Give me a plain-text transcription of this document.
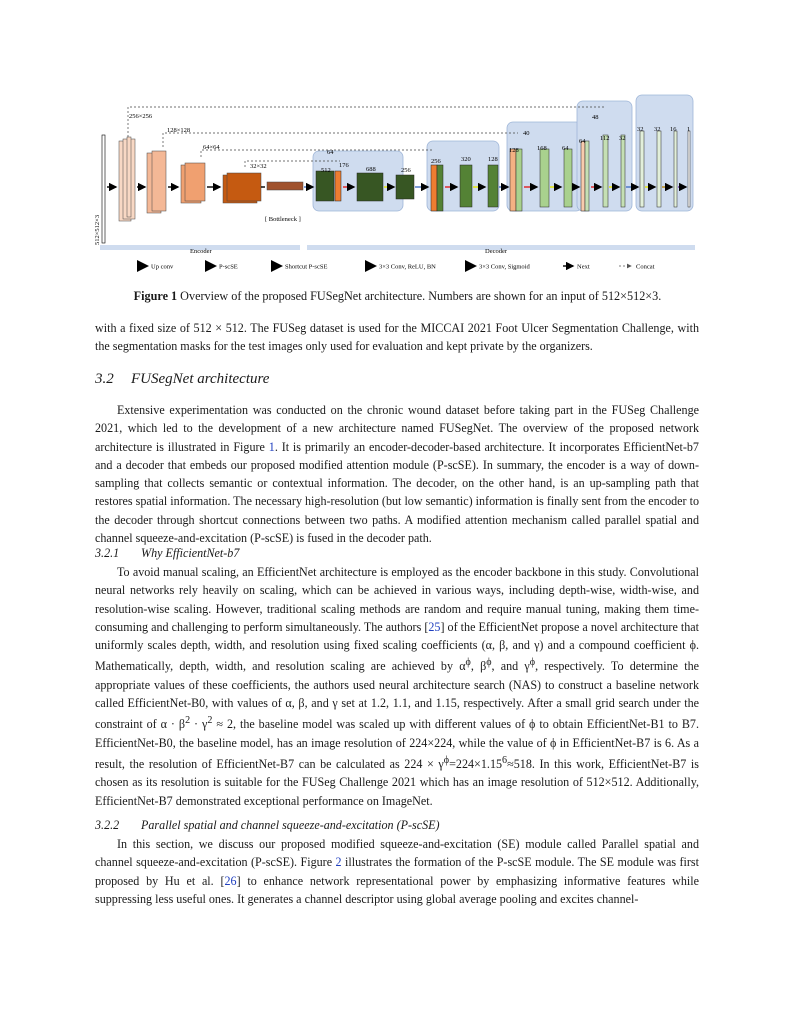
256×256
128×128
64×64
32×32
512×512×3	[ Bottleneck ]
48
40
64
176
512	688	256
256	320	128
128	168 64
64 112 32
32 32 16 1
Encoder	Decoder
Up conv	P-scSE	Shortcut P-scSE	3×3 Conv, ReLU, BN	3×3 Conv, Sigmoid	Next	Concat
Figure 1 Overview of the proposed FUSegNet architecture. Numbers are shown for an input of 512×512×3.

with a fixed size of 512 × 512. The FUSeg dataset is used for the MICCAI 2021 Foot Ulcer Segmentation Challenge, with the segmentation masks for the test images only used for evaluation and kept private by the organizers.

3.2 FUSegNet architecture

Extensive experimentation was conducted on the chronic wound dataset before taking part in the FUSeg Challenge 2021, which led to the development of a new architecture named FUSegNet. The overview of the proposed network architecture is illustrated in Figure 1. It is primarily an encoder-decoder-based architecture. It incorporates EfficientNet-b7 and a decoder that embeds our proposed modified attention module (P-scSE). In summary, the encoder is a way of down-sampling that collects semantic or contextual information. The decoder, on the other hand, is an up-sampling path that restores spatial information. The necessary high-resolution (but low semantic) information is finally sent from the encoder to the decoder through shortcut connections between two paths. A modified attention mechanism called parallel spatial and channel squeeze-and-excitation (P-scSE) is fused in the decoder path.

3.2.1 Why EfficientNet-b7

To avoid manual scaling, an EfficientNet architecture is employed as the encoder backbone in this study. Convolutional neural networks rely heavily on scaling, which can be achieved in various ways, including depth-wise, width-wise, and resolution-wise scaling. However, traditional scaling methods are random and require manual tuning, making them time-consuming and challenging to perform simultaneously. The authors [25] of the EfficientNet propose a novel architecture that uniformly scales depth, width, and resolution using fixed scaling coefficients (α, β, and γ) and a compound coefficient ϕ. Mathematically, depth, width, and resolution scaling are achieved by $\alpha^\phi$, $\beta^\phi$, and $\gamma^\phi$, respectively. To determine the appropriate values of these coefficients, the authors used neural architecture search (NAS) to construct a baseline network called EfficientNet-B0, with values of α, β, and γ set at 1.2, 1.1, and 1.15, respectively. After a small grid search under the constraint of $\alpha \cdot \beta^2 \cdot \gamma^2 \approx 2$, the baseline model was scaled up with different values of ϕ to obtain EfficientNet-B1 to B7. EfficientNet-B0, the baseline model, has an image resolution of 224×224, while the value of ϕ in EfficientNet-B7 is 6. As a result, the resolution of EfficientNet-B7 can be calculated as $224 \times \gamma^\phi=224\times 1.15^6\approx 518$. In this work, EfficientNet-B7 is chosen as its resolution is suitable for the FUSeg Challenge 2021 which has an image resolution of 512×512. Additionally, EfficientNet-B7 demonstrated exceptional performance on ImageNet.

3.2.2 Parallel spatial and channel squeeze-and-excitation (P-scSE)

In this section, we discuss our proposed modified squeeze-and-excitation (SE) module called Parallel spatial and channel squeeze-and-excitation (P-scSE). Figure 2 illustrates the formation of the P-scSE module. The SE module was first proposed by Hu et al. [26] to enhance network representational power by emphasizing informative features while suppressing less useful ones. It generates a channel descriptor using global average pooling and excites channel-
